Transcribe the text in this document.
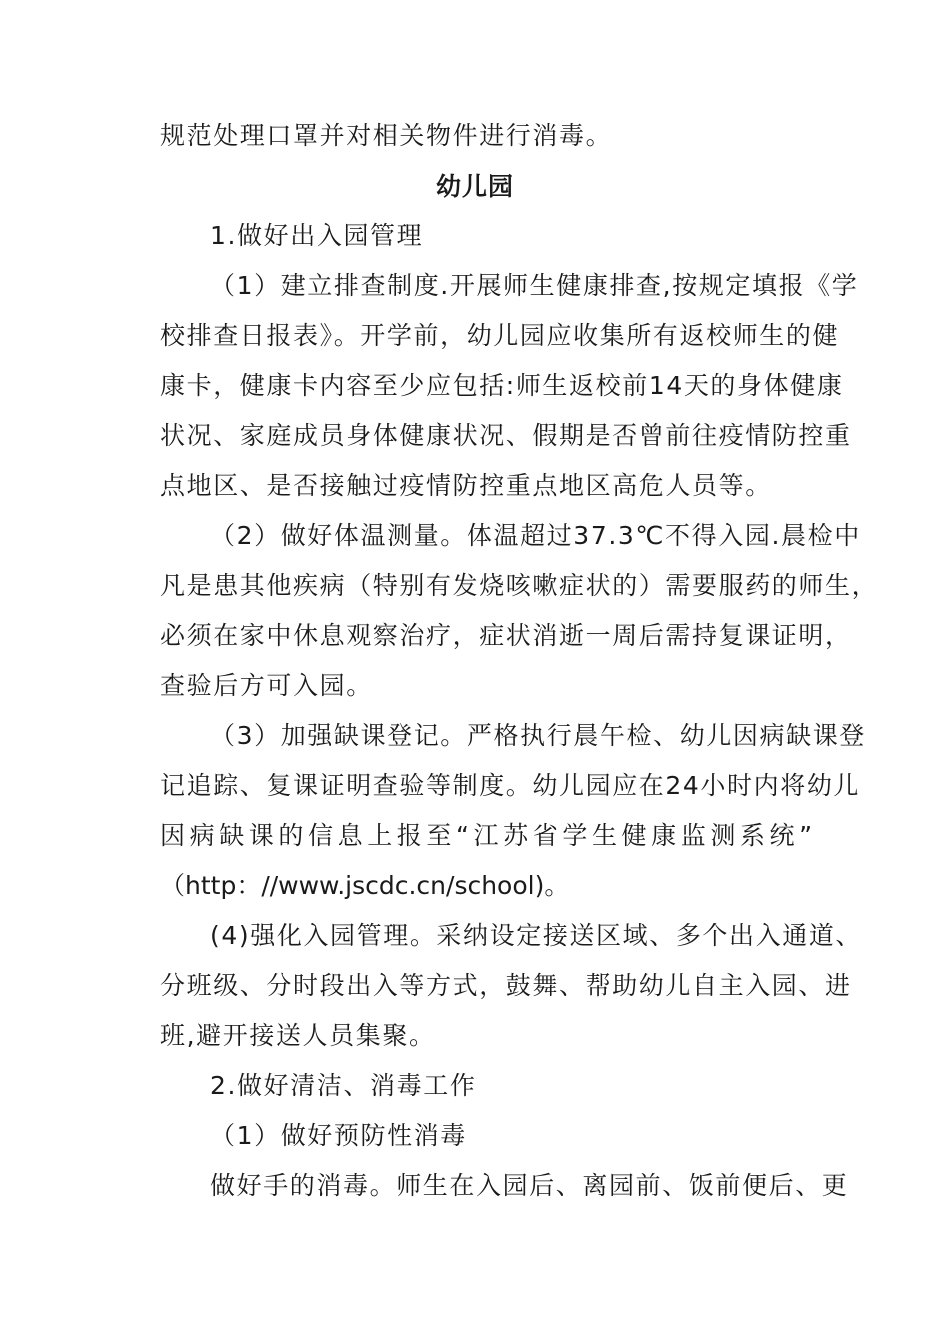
规范处理口罩并对相关物件进行消毒。
幼儿园
1.做好出入园管理
（1）建立排查制度.开展师生健康排查,按规定填报《学
校排查日报表》。开学前，幼儿园应收集所有返校师生的健
康卡，健康卡内容至少应包括:师生返校前14天的身体健康
状况、家庭成员身体健康状况、假期是否曾前往疫情防控重
点地区、是否接触过疫情防控重点地区高危人员等。
（2）做好体温测量。体温超过37.3℃不得入园.晨检中
凡是患其他疾病（特别有发烧咳嗽症状的）需要服药的师生，
必须在家中休息观察治疗，症状消逝一周后需持复课证明，
查验后方可入园。
（3）加强缺课登记。严格执行晨午检、幼儿因病缺课登
记追踪、复课证明查验等制度。幼儿园应在24小时内将幼儿
因病缺课的信息上报至“江苏省学生健康监测系统”
（http：//www.jscdc.cn/school)。
(4)强化入园管理。采纳设定接送区域、多个出入通道、
分班级、分时段出入等方式，鼓舞、帮助幼儿自主入园、进
班,避开接送人员集聚。
2.做好清洁、消毒工作
（1）做好预防性消毒
做好手的消毒。师生在入园后、离园前、饭前便后、更
